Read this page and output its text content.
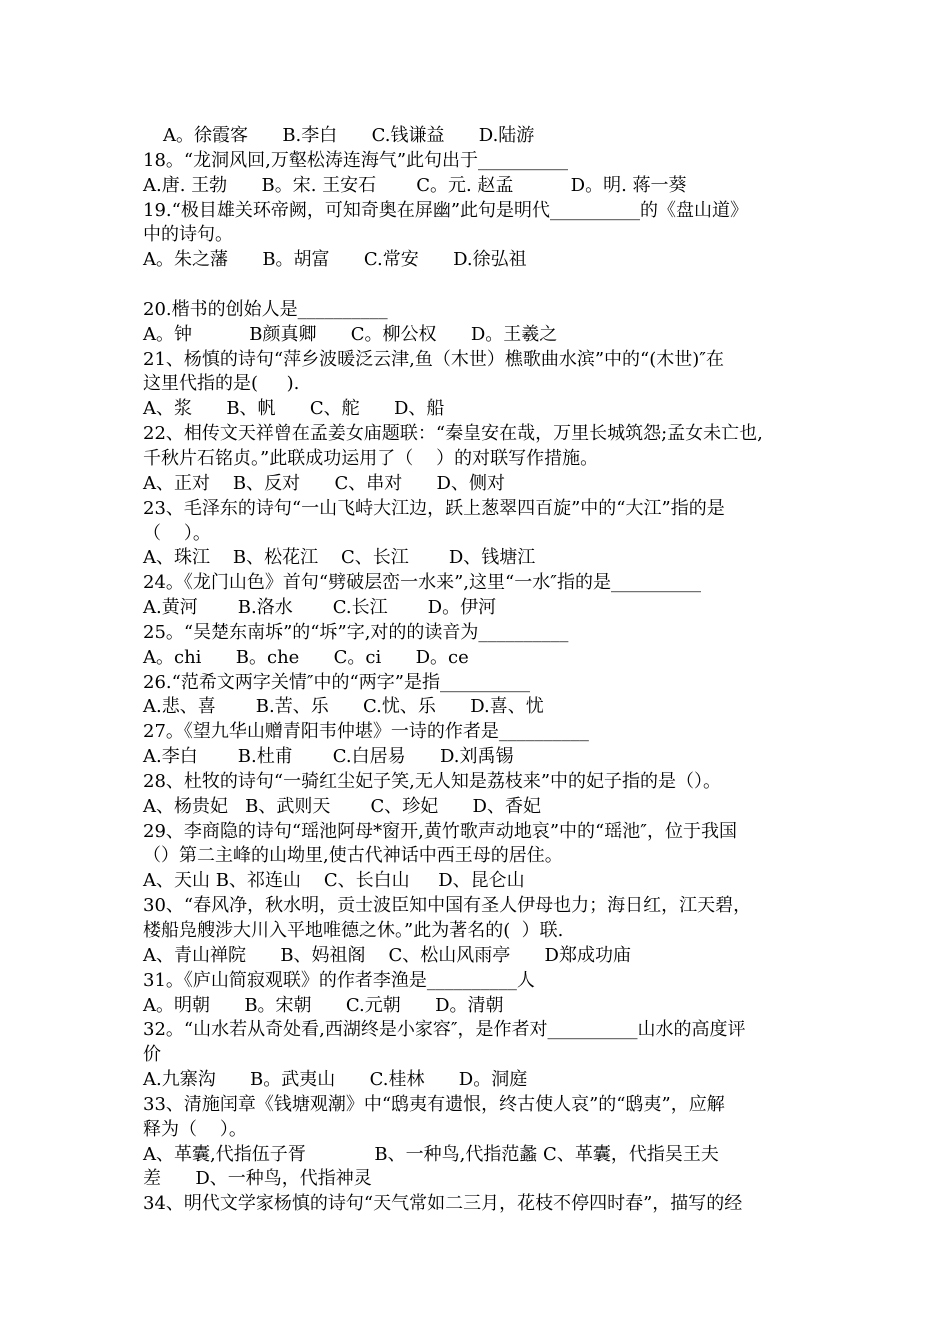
A。徐霞客      B.李白      C.钱谦益      D.陆游
18。“龙洞风回,万壑松涛连海气”此句出于__________
A.唐. 王勃      B。宋. 王安石       C。元. 赵孟          D。明. 蒋一葵
19.“极目雄关环帝阙，可知奇奥在屏幽”此句是明代__________的《盘山道》
中的诗句。
A。朱之藩      B。胡富      C.常安      D.徐弘祖
20.楷书的创始人是__________
A。钟          B颜真卿      C。柳公权      D。王羲之
21、杨慎的诗句“萍乡波暖泛云津,鱼（木世）樵歌曲水滨”中的“(木世)″在
这里代指的是(     ).
A、浆      B、帆      C、舵      D、船
22、相传文天祥曾在孟姜女庙题联：“秦皇安在哉，万里长城筑怨;孟女未亡也,
千秋片石铭贞。”此联成功运用了（    ）的对联写作措施。
A、正对    B、反对      C、串对      D、侧对
23、毛泽东的诗句“一山飞峙大江边，跃上葱翠四百旋”中的“大江”指的是
（    ）。
A、珠江    B、松花江    C、长江       D、钱塘江
24。《龙门山色》首句“劈破层峦一水来”,这里“一水″指的是__________
A.黄河       B.洛水       C.长江       D。伊河
25。“吴楚东南坼”的“坼”字,对的的读音为__________
A。chi      B。che      C。ci      D。ce
26.“范希文两字关情″中的“两字”是指__________
A.悲、喜       B.苦、乐      C.忧、乐      D.喜、忧
27。《望九华山赠青阳韦仲堪》一诗的作者是__________
A.李白       B.杜甫       C.白居易      D.刘禹锡
28、杜牧的诗句“一骑红尘妃子笑,无人知是荔枝来”中的妃子指的是（）。
A、杨贵妃   B、武则天       C、珍妃      D、香妃
29、李商隐的诗句“瑶池阿母*窗开,黄竹歌声动地哀”中的“瑶池″，位于我国
（）第二主峰的山坳里,使古代神话中西王母的居住。
A、天山 B、祁连山    C、长白山     D、昆仑山
30、“春风净，秋水明，贡士波臣知中国有圣人伊母也力；海日红，江天碧，
楼船凫艘涉大川入平地唯德之休。”此为著名的(  ）联.
A、青山禅院      B、妈祖阁    C、松山风雨亭      D郑成功庙
31。《庐山简寂观联》的作者李渔是__________人
A。明朝      B。宋朝      C.元朝      D。清朝
32。“山水若从奇处看,西湖终是小家容″，是作者对__________山水的高度评
价
A.九寨沟      B。武夷山      C.桂林      D。洞庭
33、清施闰章《钱塘观潮》中“鸱夷有遗恨，终古使人哀”的“鸱夷”，应解
释为（    ）。
A、革囊,代指伍子胥            B、一种鸟,代指范蠡 C、革囊，代指吴王夫
差      D、一种鸟，代指神灵
34、明代文学家杨慎的诗句“天气常如二三月，花枝不停四时春”，描写的经
